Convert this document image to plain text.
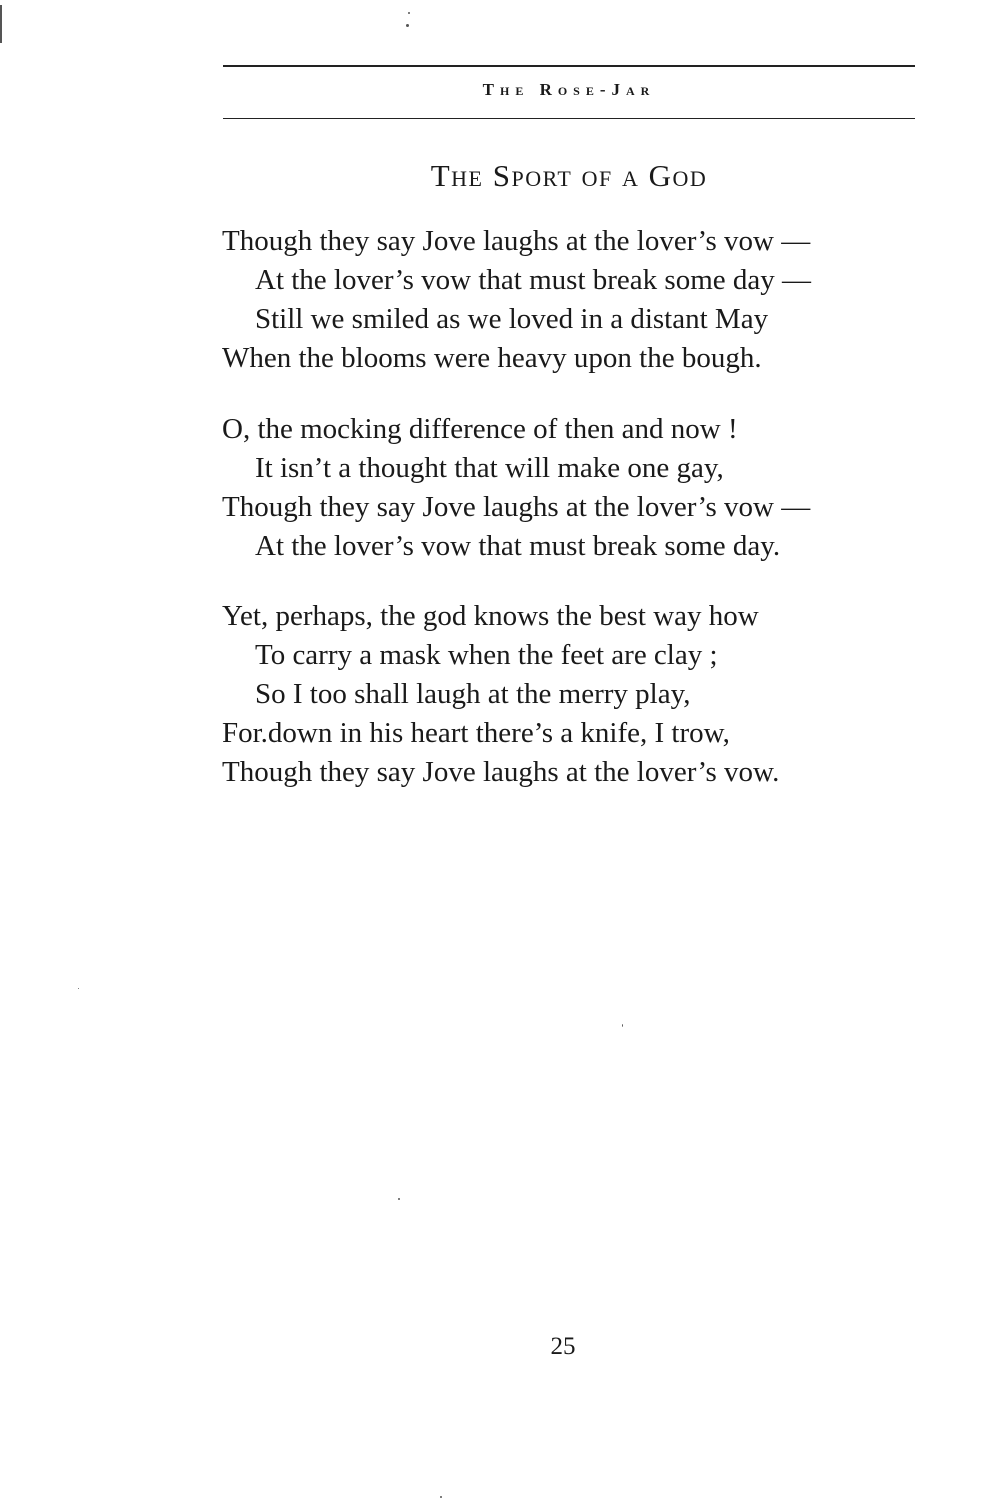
The Rose-Jar
The Sport of a God
Though they say Jove laughs at the lover’s vow —
At the lover’s vow that must break some day —
Still we smiled as we loved in a distant May
When the blooms were heavy upon the bough.
O, the mocking difference of then and now !
It isn’t a thought that will make one gay,
Though they say Jove laughs at the lover’s vow —
At the lover’s vow that must break some day.
Yet, perhaps, the god knows the best way how
To carry a mask when the feet are clay ;
So I too shall laugh at the merry play,
For.down in his heart there’s a knife, I trow,
Though they say Jove laughs at the lover’s vow.
25
